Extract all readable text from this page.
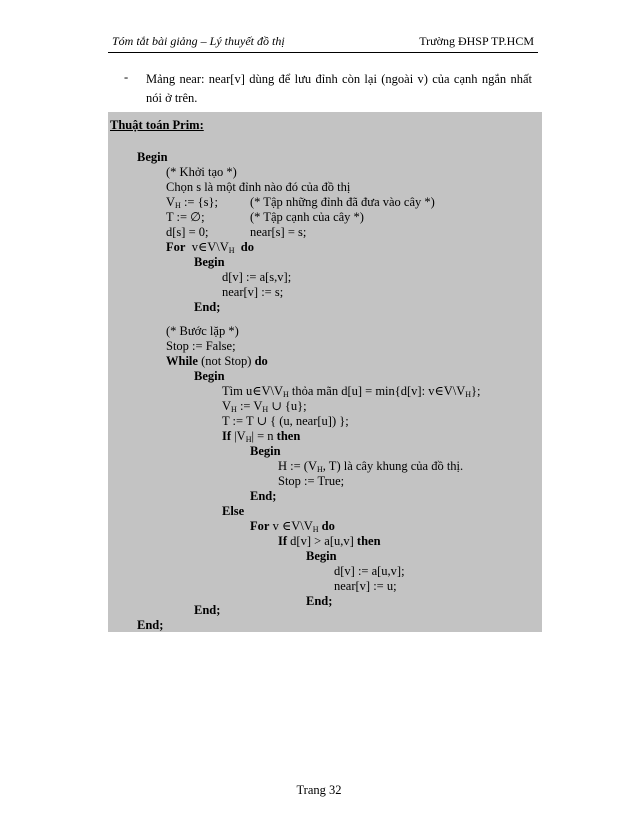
Tóm tắt bài giảng – Lý thuyết đồ thị	Trường ĐHSP TP.HCM
- Mảng near: near[v] dùng để lưu đỉnh còn lại (ngoài v) của cạnh ngắn nhất nói ở trên.
Thuật toán Prim:
Begin
(* Khởi tạo *)
Chọn s là một đỉnh nào đó của đồ thị
$V_H$ := {s};	(* Tập những đỉnh đã đưa vào cây *)
T := ∅;	(* Tập cạnh của cây *)
d[s] = 0;	near[s] = s;
For $v\in V\backslash V_H$ do
Begin
d[v] := a[s,v];
near[v] := s;
End;
(* Bước lặp *)
Stop := False;
While (not Stop) do
Begin
Tìm $u\in V\backslash V_H$ thỏa mãn d[u] = min{d[v]: $v\in V\backslash V_H$};
$V_H$ := $V_H$ ∪ {u};
T := T ∪ { (u, near[u]) };
If $|V_H| = n$ then
Begin
H := ($V_H$, T) là cây khung của đồ thị.
Stop := True;
End;
Else
For v $\in V\backslash V_H$ do
If d[v] > a[u,v] then
Begin
d[v] := a[u,v];
near[v] := u;
End;
End;
End;
Trang 32
